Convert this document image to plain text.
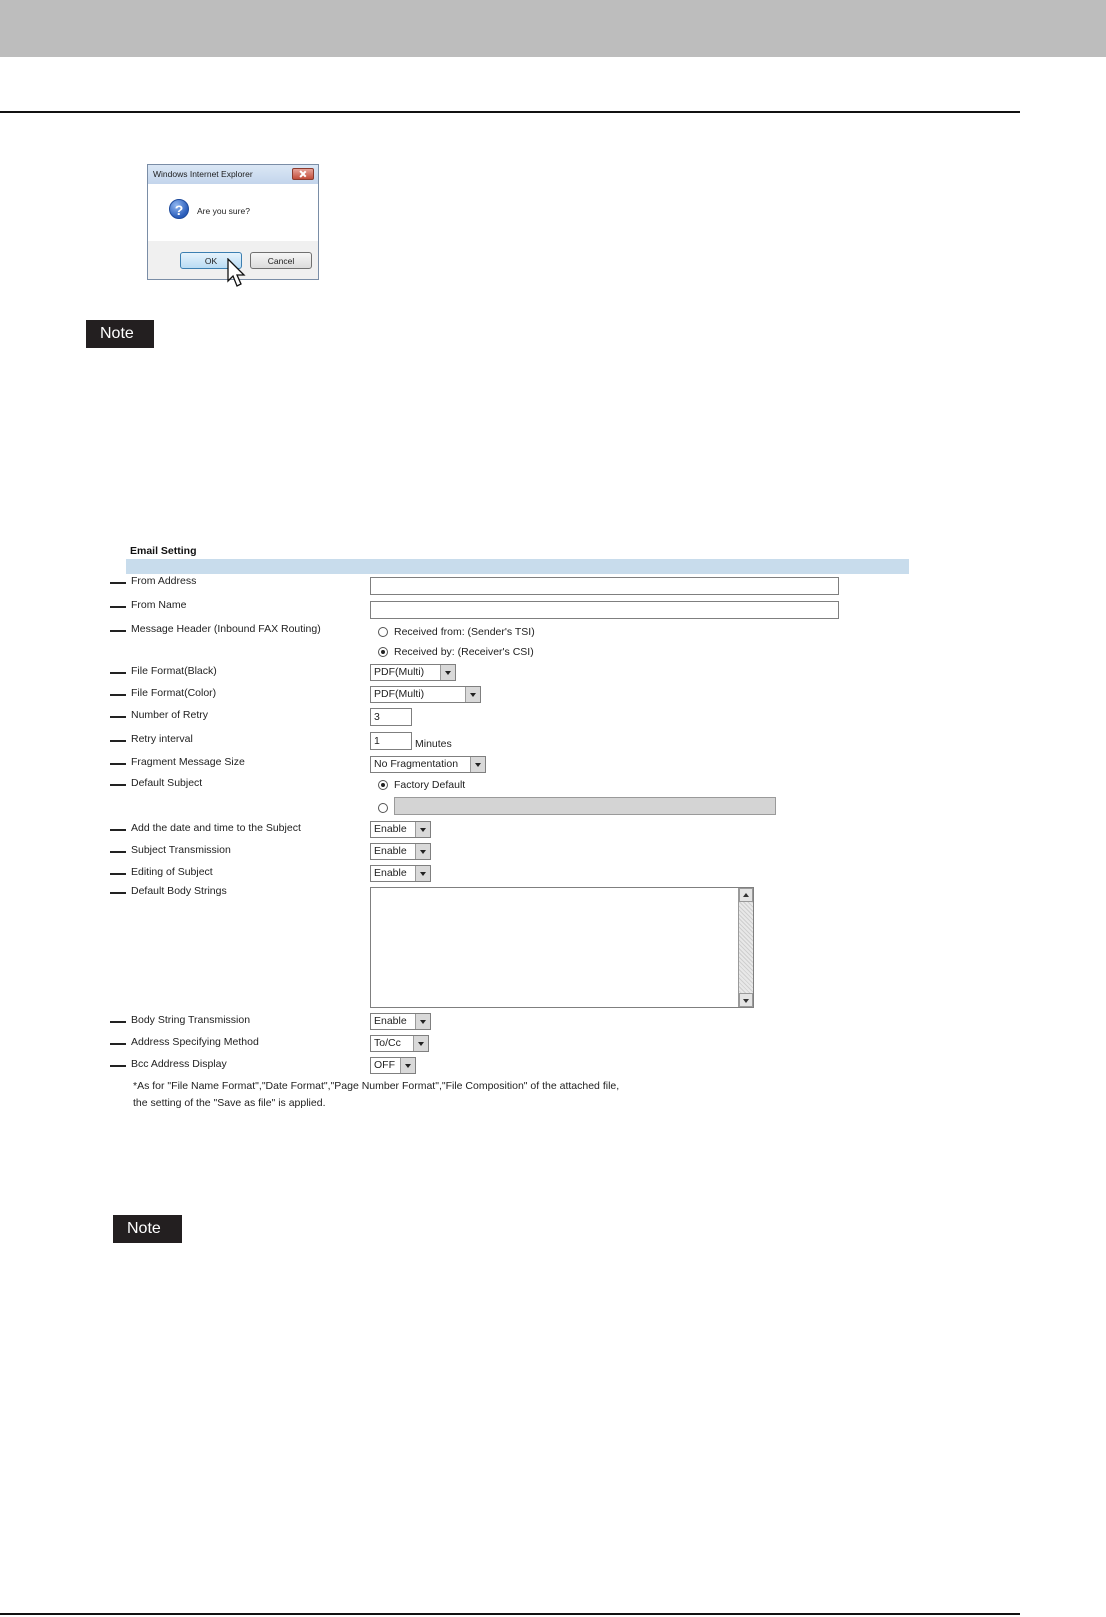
Windows Internet Explorer
?	Are you sure?
OK	Cancel
Note
Email Setting
From Address
From Name
Message Header (Inbound FAX Routing)	Received from: (Sender's TSI)
Received by: (Receiver's CSI)
File Format(Black)	PDF(Multi)
File Format(Color)	PDF(Multi)
Number of Retry	3
Retry interval	1	Minutes
Fragment Message Size	No Fragmentation
Default Subject	Factory Default
Add the date and time to the Subject	Enable
Subject Transmission	Enable
Editing of Subject	Enable
Default Body Strings
Body String Transmission	Enable
Address Specifying Method	To/Cc
Bcc Address Display	OFF
*As for "File Name Format","Date Format","Page Number Format","File Composition" of the attached file,
the setting of the "Save as file" is applied.
Note
